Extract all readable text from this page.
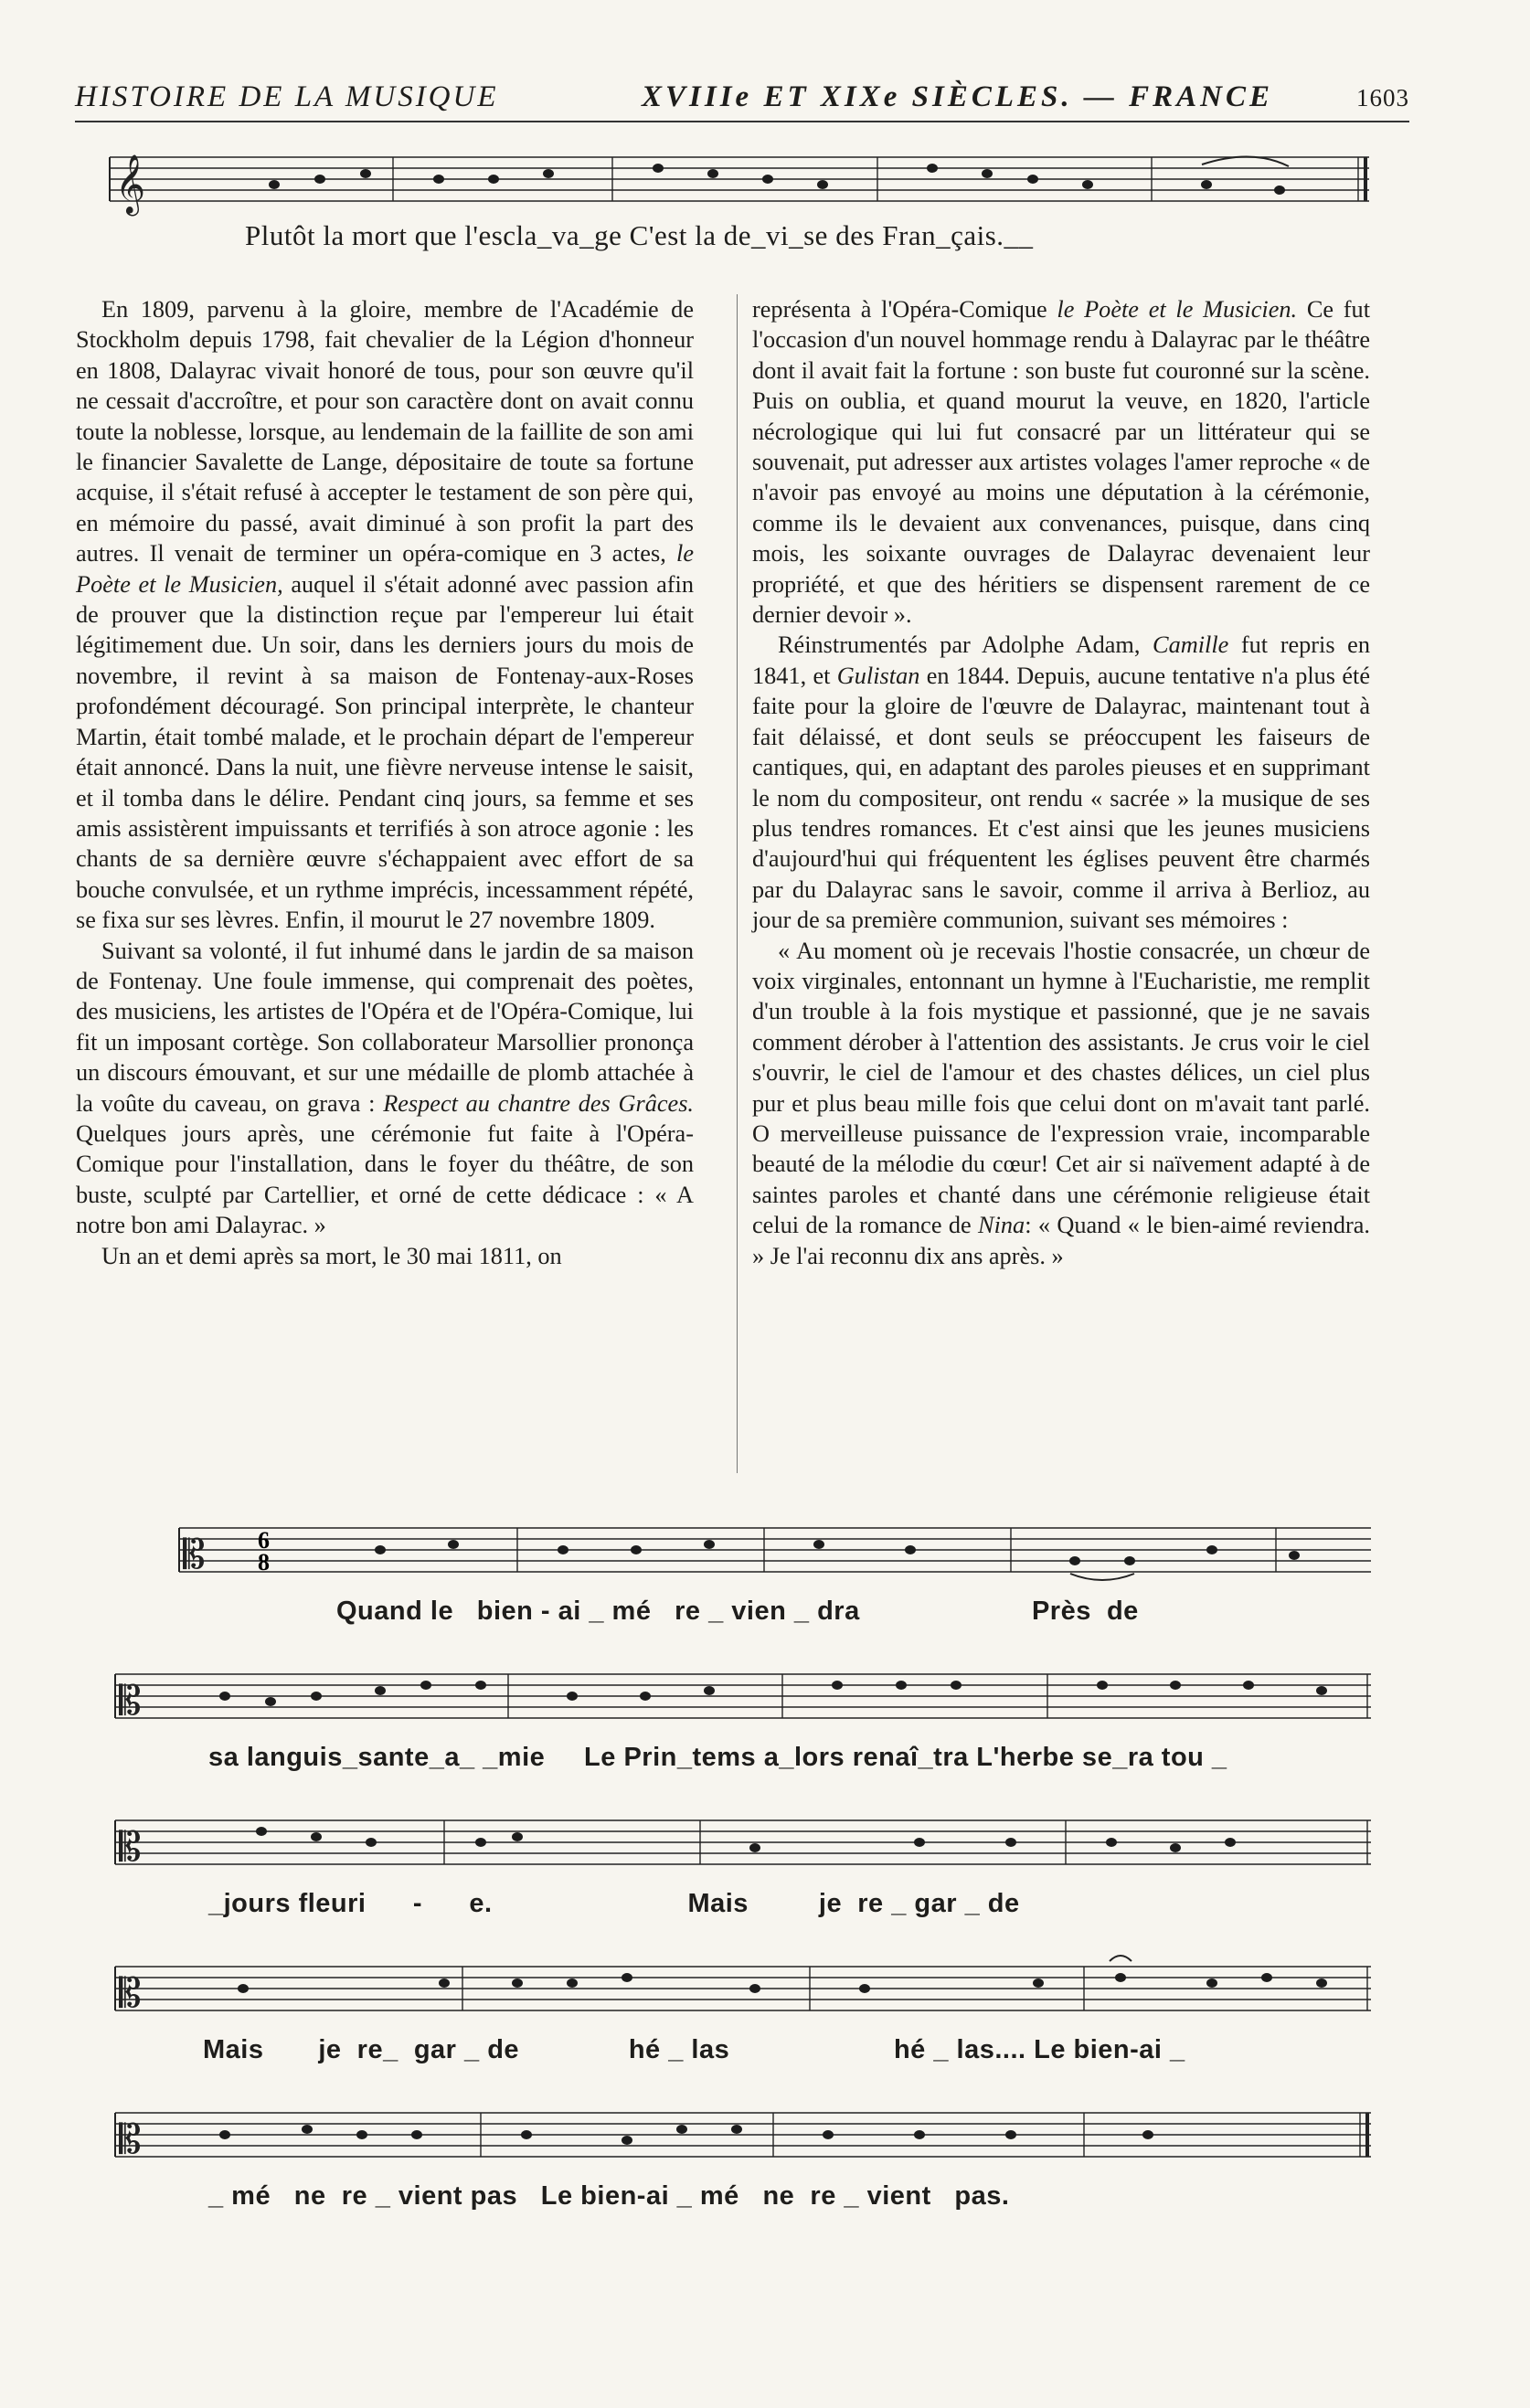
HISTOIRE DE LA MUSIQUE	XVIIIe ET XIXe SIÈCLES. — FRANCE	1603
𝄞
Plutôt la mort que l'escla_va_ge C'est la de_vi_se des Fran_çais.__

En 1809, parvenu à la gloire, membre de l'Académie de Stockholm depuis 1798, fait chevalier de la Légion d'honneur en 1808, Dalayrac vivait honoré de tous, pour son œuvre qu'il ne cessait d'accroître, et pour son caractère dont on avait connu toute la noblesse, lorsque, au lendemain de la faillite de son ami le financier Savalette de Lange, dépositaire de toute sa fortune acquise, il s'était refusé à accepter le testament de son père qui, en mémoire du passé, avait diminué à son profit la part des autres. Il venait de terminer un opéra-comique en 3 actes, le Poète et le Musicien, auquel il s'était adonné avec passion afin de prouver que la distinction reçue par l'empereur lui était légitimement due. Un soir, dans les derniers jours du mois de novembre, il revint à sa maison de Fontenay-aux-Roses profondément découragé. Son principal interprète, le chanteur Martin, était tombé malade, et le prochain départ de l'empereur était annoncé. Dans la nuit, une fièvre nerveuse intense le saisit, et il tomba dans le délire. Pendant cinq jours, sa femme et ses amis assistèrent impuissants et terrifiés à son atroce agonie : les chants de sa dernière œuvre s'échappaient avec effort de sa bouche convulsée, et un rythme imprécis, incessamment répété, se fixa sur ses lèvres. Enfin, il mourut le 27 novembre 1809.

Suivant sa volonté, il fut inhumé dans le jardin de sa maison de Fontenay. Une foule immense, qui comprenait des poètes, des musiciens, les artistes de l'Opéra et de l'Opéra-Comique, lui fit un imposant cortège. Son collaborateur Marsollier prononça un discours émouvant, et sur une médaille de plomb attachée à la voûte du caveau, on grava : Respect au chantre des Grâces. Quelques jours après, une cérémonie fut faite à l'Opéra-Comique pour l'installation, dans le foyer du théâtre, de son buste, sculpté par Cartellier, et orné de cette dédicace : « A notre bon ami Dalayrac. »

Un an et demi après sa mort, le 30 mai 1811, on

représenta à l'Opéra-Comique le Poète et le Musicien. Ce fut l'occasion d'un nouvel hommage rendu à Dalayrac par le théâtre dont il avait fait la fortune : son buste fut couronné sur la scène. Puis on oublia, et quand mourut la veuve, en 1820, l'article nécrologique qui lui fut consacré par un littérateur qui se souvenait, put adresser aux artistes volages l'amer reproche « de n'avoir pas envoyé au moins une députation à la cérémonie, comme ils le devaient aux convenances, puisque, dans cinq mois, les soixante ouvrages de Dalayrac devenaient leur propriété, et que des héritiers se dispensent rarement de ce dernier devoir ».

Réinstrumentés par Adolphe Adam, Camille fut repris en 1841, et Gulistan en 1844. Depuis, aucune tentative n'a plus été faite pour la gloire de l'œuvre de Dalayrac, maintenant tout à fait délaissé, et dont seuls se préoccupent les faiseurs de cantiques, qui, en adaptant des paroles pieuses et en supprimant le nom du compositeur, ont rendu « sacrée » la musique de ses plus tendres romances. Et c'est ainsi que les jeunes musiciens d'aujourd'hui qui fréquentent les églises peuvent être charmés par du Dalayrac sans le savoir, comme il arriva à Berlioz, au jour de sa première communion, suivant ses mémoires :

« Au moment où je recevais l'hostie consacrée, un chœur de voix virginales, entonnant un hymne à l'Eucharistie, me remplit d'un trouble à la fois mystique et passionné, que je ne savais comment dérober à l'attention des assistants. Je crus voir le ciel s'ouvrir, le ciel de l'amour et des chastes délices, un ciel plus pur et plus beau mille fois que celui dont on m'avait tant parlé. O merveilleuse puissance de l'expression vraie, incomparable beauté de la mélodie du cœur! Cet air si naïvement adapté à de saintes paroles et chanté dans une cérémonie religieuse était celui de la romance de Nina: « Quand « le bien-aimé reviendra. » Je l'ai reconnu dix ans après. »

𝄡 6
8
Quand le   bien - ai _ mé   re _ vien _ dra                      Près  de
𝄡
sa languis_sante_a_ _mie     Le Prin_tems a_lors renaî_tra L'herbe se_ra tou _
𝄡
_jours fleuri      -      e.                         Mais         je  re _ gar _ de
𝄡
Mais       je  re_  gar _ de              hé _ las                     hé _ las.... Le bien-ai _
𝄡
_ mé   ne  re _ vient pas   Le bien-ai _ mé   ne  re _ vient   pas.
